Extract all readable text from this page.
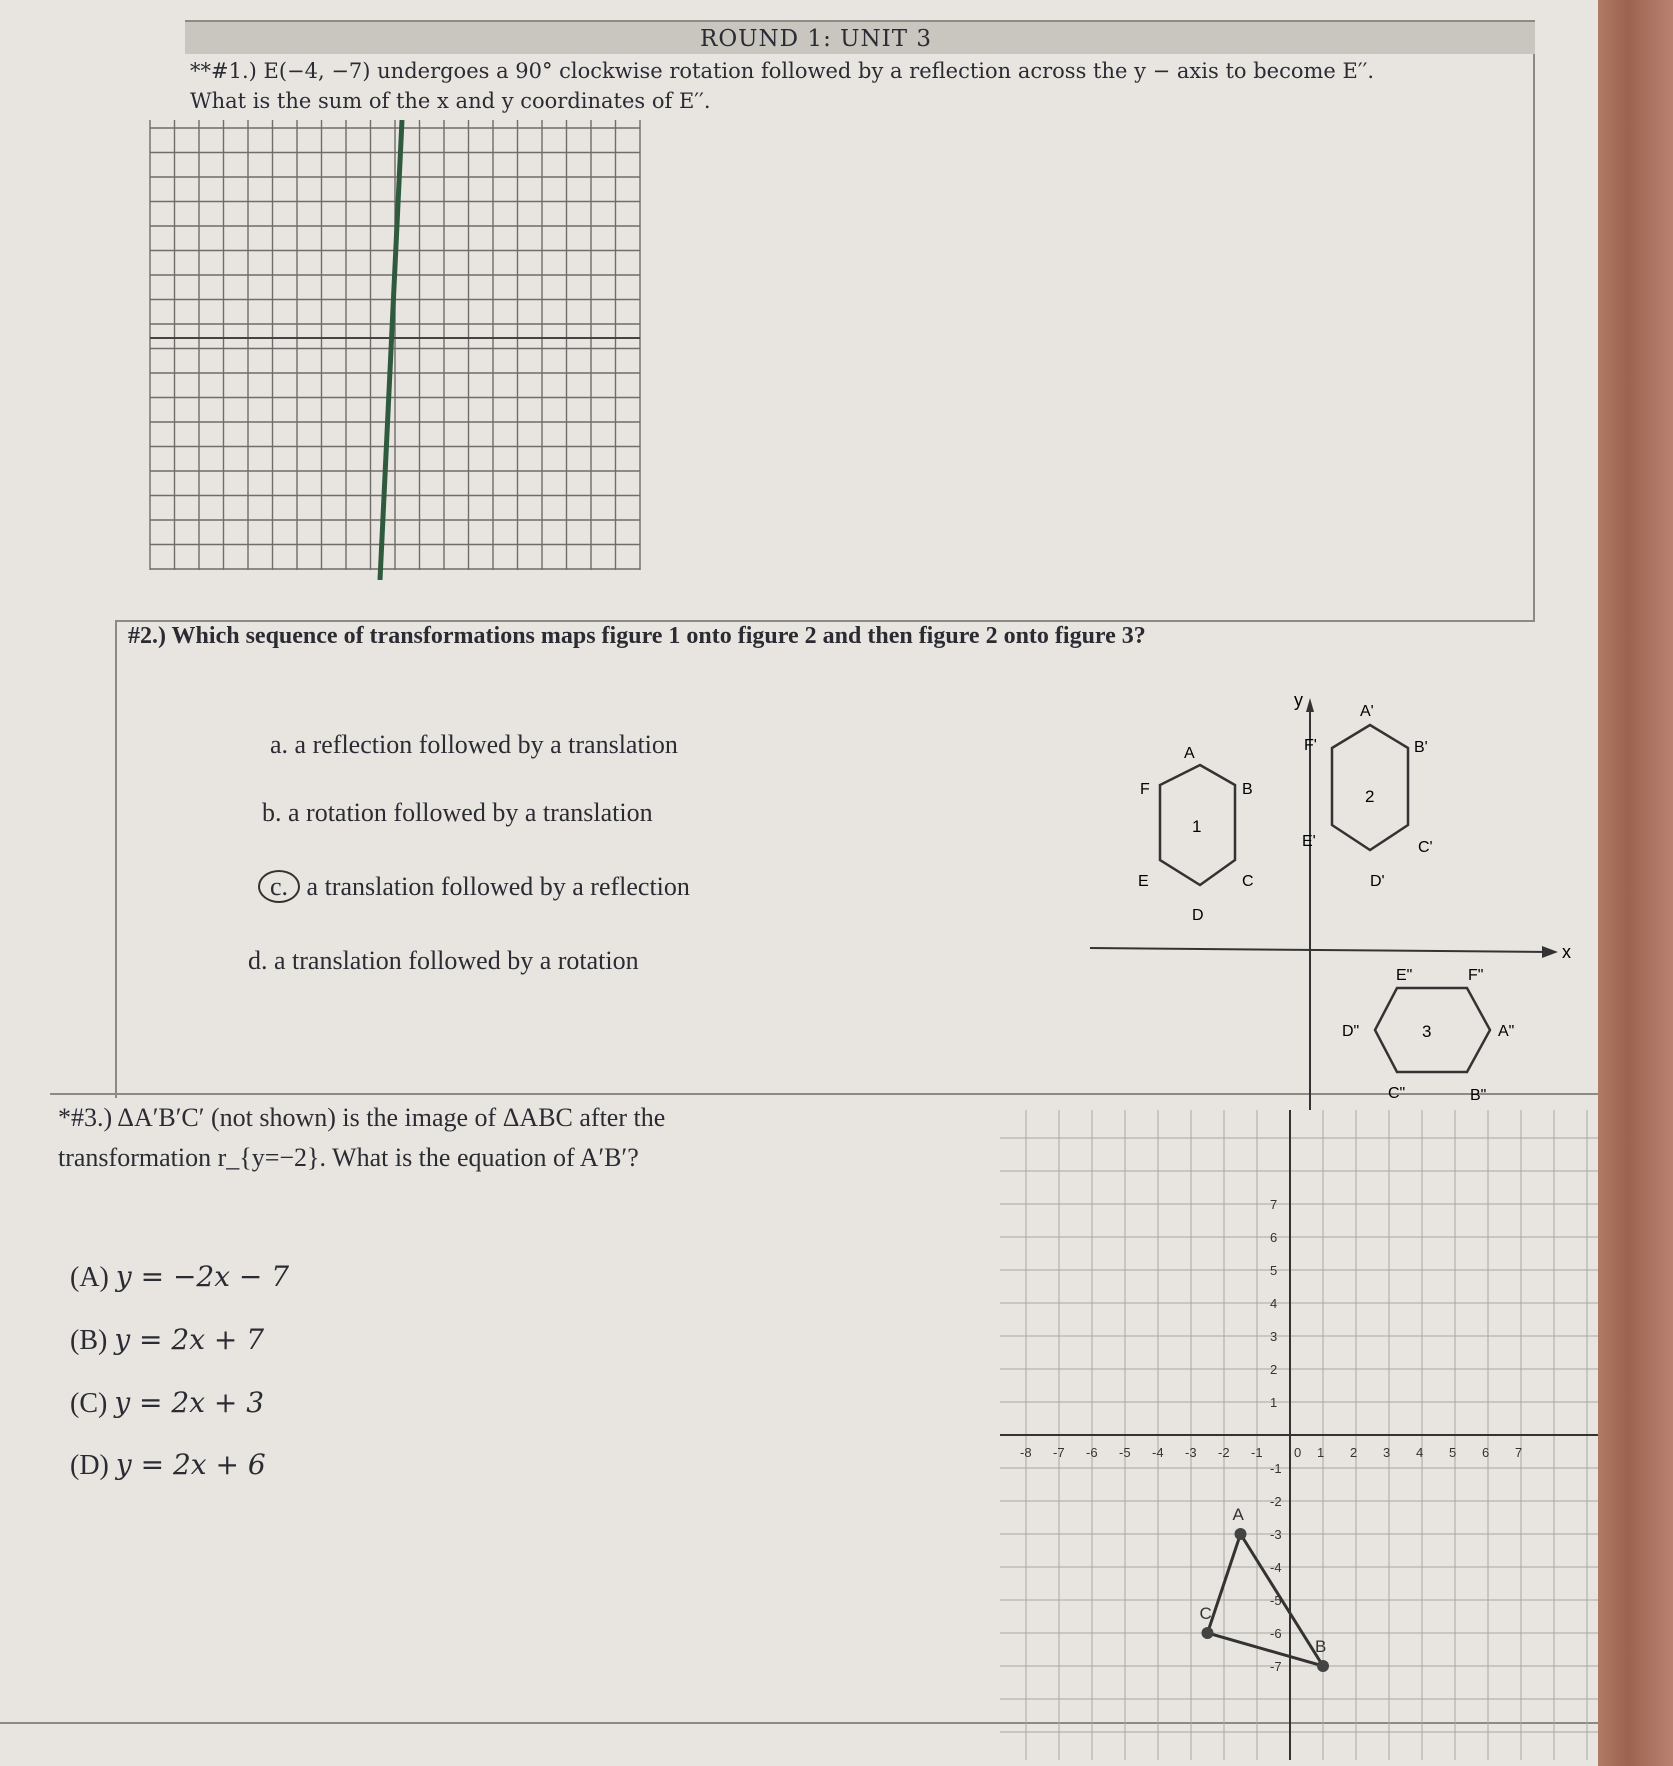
ROUND 1: UNIT 3
**#1.) E(−4, −7) undergoes a 90° clockwise rotation followed by a reflection across the y − axis to become E′′.
What is the sum of the x and y coordinates of E′′.
#2.) Which sequence of transformations maps figure 1 onto figure 2 and then figure 2 onto figure 3?
a. a reflection followed by a translation
b. a rotation followed by a translation
c. a translation followed by a reflection
d. a translation followed by a rotation
y
x
1
A
B
C
D
E
F	2
A'
B'
C'
D'
E'
F'
3	A"
B"
C"
D"
E"	F"
*#3.) ΔA′B′C′ (not shown) is the image of ΔABC after the
transformation r_{y=−2}. What is the equation of A′B′?
(A) y = −2x − 7
(B) y = 2x + 7
(C) y = 2x + 3
(D) y = 2x + 6	-8 -7 -6 -5 -4 -3 -2 -1 0 1 2 3 4 5 6 7
7
6
5
4
3
2
1
-1
-2
-3
-4
-5
-6
-7
A
C
B
